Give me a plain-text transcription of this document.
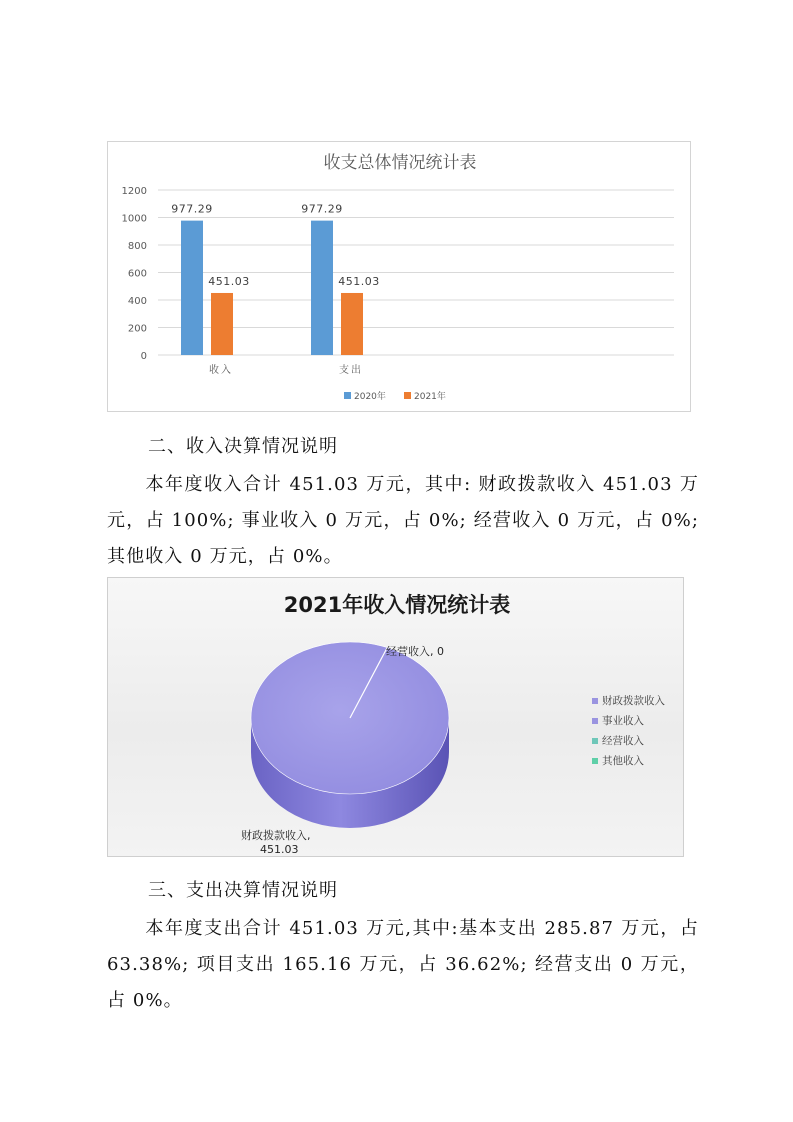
收支总体情况统计表
0
200
400
600
800
1000
1200
977.29
451.03
收入
977.29
451.03
支出
2020年	2021年
二、收入决算情况说明
本年度收入合计 451.03 万元，其中: 财政拨款收入 451.03 万元，占 100%; 事业收入 0 万元，占 0%; 经营收入 0 万元，占 0%; 其他收入 0 万元，占 0%。
2021年收入情况统计表
经营收入, 0
财政拨款收入,
451.03
财政拨款收入
事业收入
经营收入
其他收入
三、支出决算情况说明
本年度支出合计 451.03 万元,其中:基本支出 285.87 万元，占 63.38%; 项目支出 165.16 万元，占 36.62%; 经营支出 0 万元，占 0%。
